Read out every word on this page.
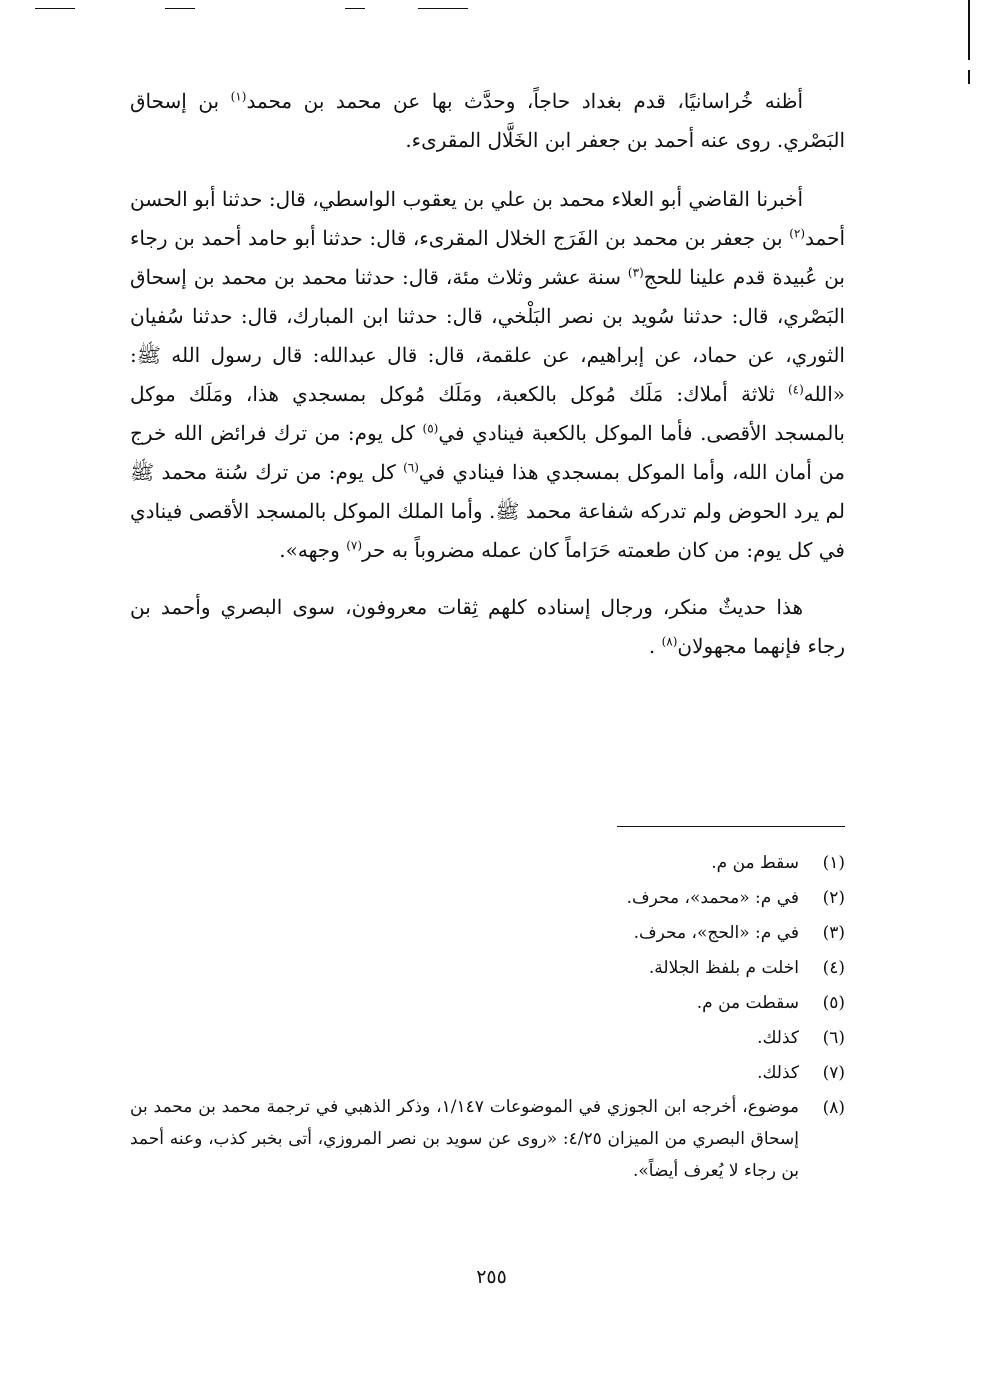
أظنه خُراسانيًا، قدم بغداد حاجاً، وحدَّث بها عن محمد بن محمد$^{(١)}$ بن إسحاق البَصْري. روى عنه أحمد بن جعفر ابن الخَلَّال المقرىء.

أخبرنا القاضي أبو العلاء محمد بن علي بن يعقوب الواسطي، قال: حدثنا أبو الحسن أحمد$^{(٢)}$ بن جعفر بن محمد بن الفَرَج الخلال المقرىء، قال: حدثنا أبو حامد أحمد بن رجاء بن عُبيدة قدم علينا للحج$^{(٣)}$ سنة عشر وثلاث مئة، قال: حدثنا محمد بن محمد بن إسحاق البَصْري، قال: حدثنا سُويد بن نصر البَلْخي، قال: حدثنا ابن المبارك، قال: حدثنا سُفيان الثوري، عن حماد، عن إبراهيم، عن علقمة، قال: قال عبدالله: قال رسول الله ﷺ: «الله$^{(٤)}$ ثلاثة أملاك: مَلَك مُوكل بالكعبة، ومَلَك مُوكل بمسجدي هذا، ومَلَك موكل بالمسجد الأقصى. فأما الموكل بالكعبة فينادي في$^{(٥)}$ كل يوم: من ترك فرائض الله خرج من أمان الله، وأما الموكل بمسجدي هذا فينادي في$^{(٦)}$ كل يوم: من ترك سُنة محمد ﷺ لم يرد الحوض ولم تدركه شفاعة محمد ﷺ. وأما الملك الموكل بالمسجد الأقصى فينادي في كل يوم: من كان طعمته حَرَاماً كان عمله مضروباً به حر$^{(٧)}$ وجهه».

هذا حديثٌ منكر، ورجال إسناده كلهم ثِقات معروفون، سوى البصري وأحمد بن رجاء فإنهما مجهولان$^{(٨)}$ .

(١)
سقط من م.
(٢)
في م: «محمد»، محرف.
(٣)
في م: «الحج»، محرف.
(٤)
اخلت م بلفظ الجلالة.
(٥)
سقطت من م.
(٦)
كذلك.
(٧)
كذلك.
(٨)
موضوع، أخرجه ابن الجوزي في الموضوعات ١/١٤٧، وذكر الذهبي في ترجمة محمد بن محمد بن إسحاق البصري من الميزان ٤/٢٥: «روى عن سويد بن نصر المروزي، أتى بخبر كذب، وعنه أحمد بن رجاء لا يُعرف أيضاً».
٢٥٥
